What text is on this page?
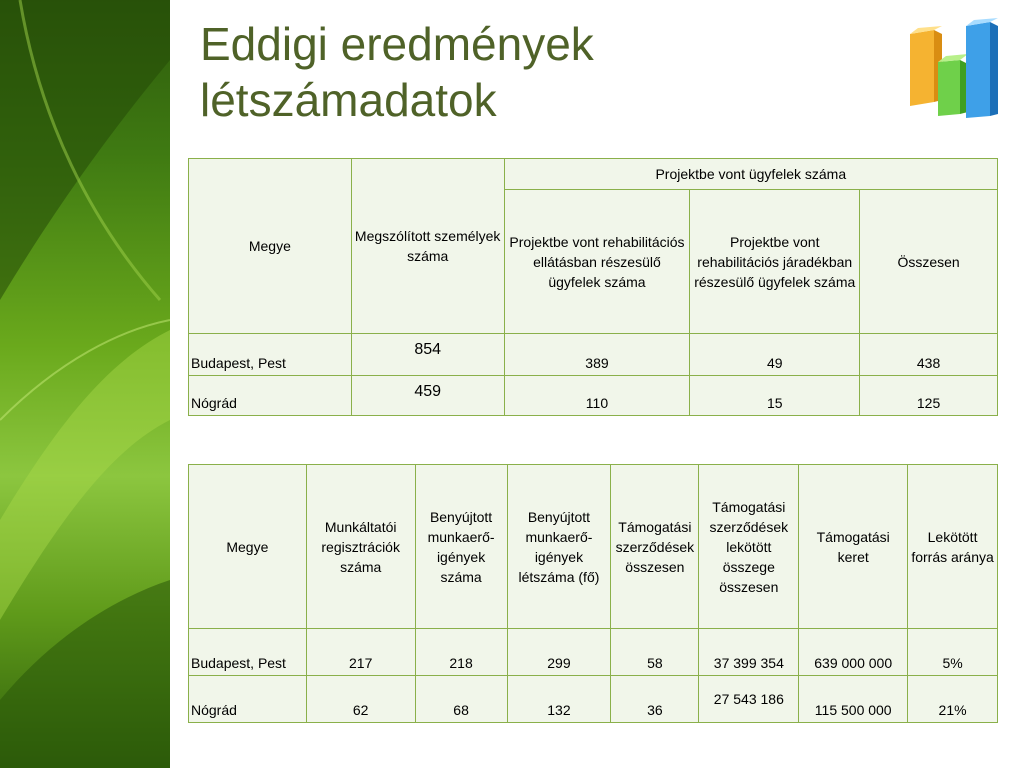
Eddigi eredmények
létszámadatok
Megye	Megszólított személyek száma	Projektbe vont ügyfelek száma		
		Projektbe vont rehabilitációs ellátásban részesülő ügyfelek száma	Projektbe vont rehabilitációs járadékban részesülő ügyfelek száma	Összesen
Budapest, Pest	854	389	49	438
Nógrád	459	110	15	125
Megye	Munkáltatói regisztrációk száma	Benyújtott munkaerő-igények száma	Benyújtott munkaerő-igények létszáma (fő)	Támogatási szerződések összesen	Támogatási szerződések lekötött összege összesen	Támogatási keret	Lekötött forrás aránya
Budapest, Pest	217	218	299	58	37 399 354	639 000 000	5%
Nógrád	62	68	132	36	27 543 186	115 500 000	21%
